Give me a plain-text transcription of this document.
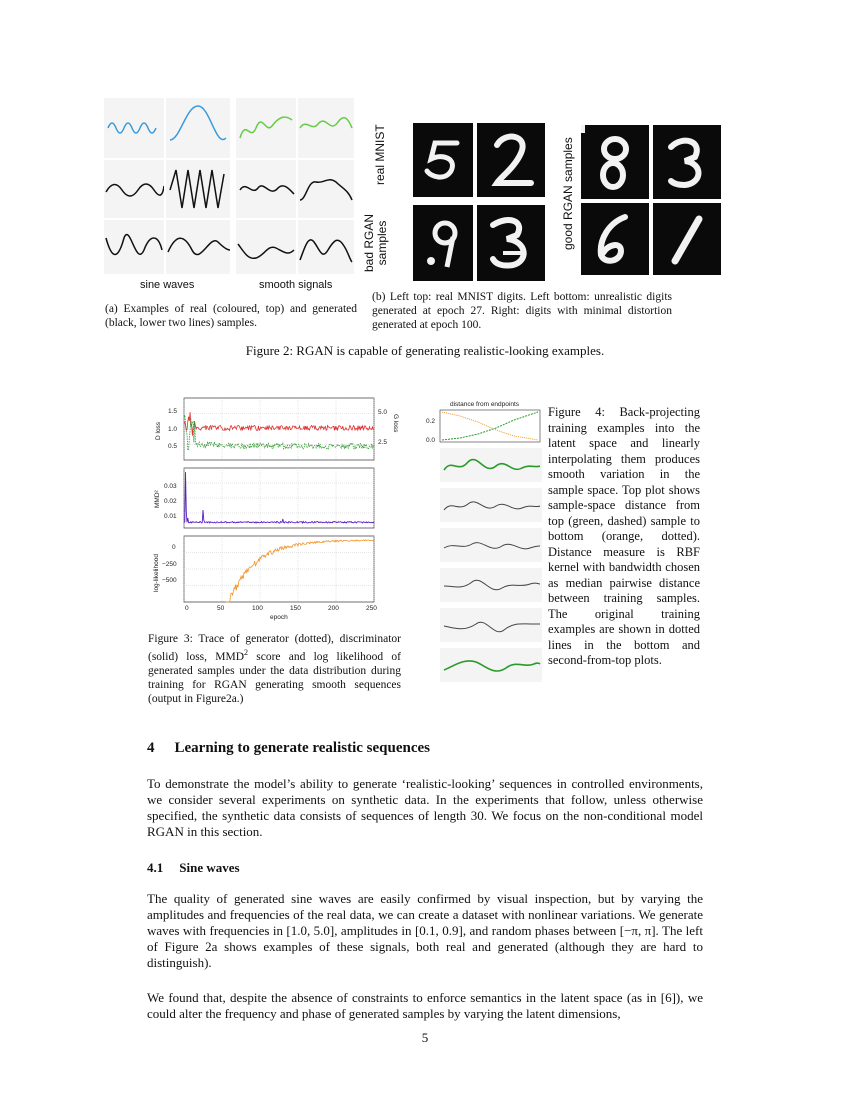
sine waves	smooth signals
(a) Examples of real (coloured, top) and generated (black, lower two lines) samples.
real MNIST
bad RGAN
samples	good RGAN samples
(b) Left top: real MNIST digits. Left bottom: unrealistic digits generated at epoch 27. Right: digits with minimal distortion generated at epoch 100.
Figure 2: RGAN is capable of generating realistic-looking examples.
1.5
1.0
0.5
5.0
2.5
D loss	G loss
0.03
0.02
0.01
MMD²
0
−250
−500
log-likelihood
0	50	100	150	200	250
epoch
Figure 3: Trace of generator (dotted), discriminator (solid) loss, MMD$^2$ score and log likelihood of generated samples under the data distribution during training for RGAN generating smooth sequences (output in Figure2a.)
distance from endpoints
0.2
0.0
Figure 4: Back-projecting training examples into the latent space and linearly interpolating them produces smooth variation in the sample space. Top plot shows sample-space distance from top (green, dashed) sample to bottom (orange, dotted). Distance measure is RBF kernel with bandwidth chosen as median pairwise distance between training samples. The original training examples are shown in dotted lines in the bottom and second-from-top plots.
4 Learning to generate realistic sequences
To demonstrate the model’s ability to generate ‘realistic-looking’ sequences in controlled environments, we consider several experiments on synthetic data. In the experiments that follow, unless otherwise specified, the synthetic data consists of sequences of length 30. We focus on the non-conditional model RGAN in this section.
4.1 Sine waves
The quality of generated sine waves are easily confirmed by visual inspection, but by varying the amplitudes and frequencies of the real data, we can create a dataset with nonlinear variations. We generate waves with frequencies in [1.0, 5.0], amplitudes in [0.1, 0.9], and random phases between [−π, π]. The left of Figure 2a shows examples of these signals, both real and generated (although they are hard to distinguish).
We found that, despite the absence of constraints to enforce semantics in the latent space (as in [6]), we could alter the frequency and phase of generated samples by varying the latent dimensions,
5
